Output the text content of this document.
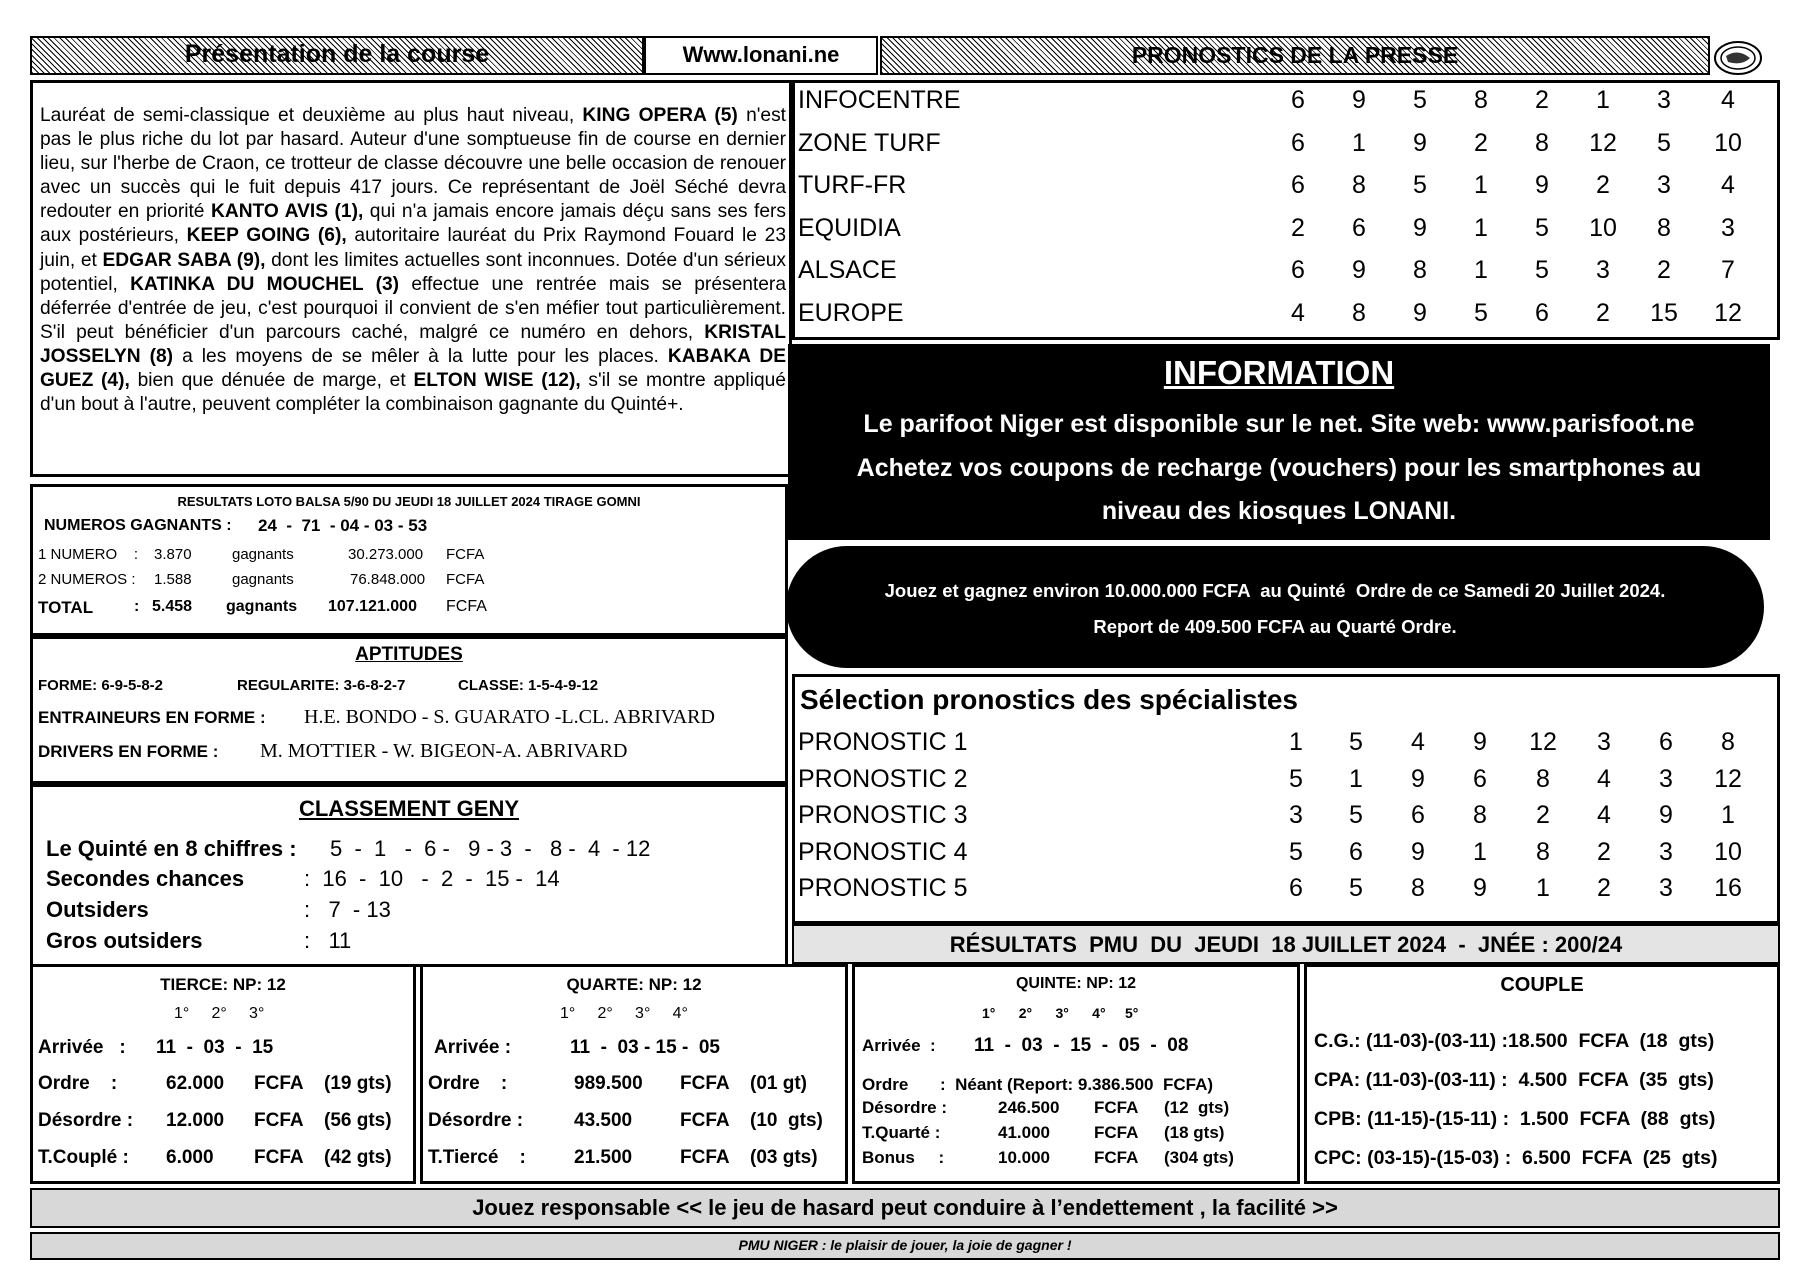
Présentation de la course	Www.lonani.ne	PRONOSTICS DE LA PRESSE
Lauréat de semi-classique et deuxième au plus haut niveau, KING OPERA (5) n'est pas le plus riche du lot par hasard. Auteur d'une somptueuse fin de course en dernier lieu, sur l'herbe de Craon, ce trotteur de classe découvre une belle occasion de renouer avec un succès qui le fuit depuis 417 jours. Ce représentant de Joël Séché devra redouter en priorité KANTO AVIS (1), qui n'a jamais encore jamais déçu sans ses fers aux postérieurs, KEEP GOING (6), autoritaire lauréat du Prix Raymond Fouard le 23 juin, et EDGAR SABA (9), dont les limites actuelles sont inconnues. Dotée d'un sérieux potentiel, KATINKA DU MOUCHEL (3) effectue une rentrée mais se présentera déferrée d'entrée de jeu, c'est pourquoi il convient de s'en méfier tout particulièrement. S'il peut bénéficier d'un parcours caché, malgré ce numéro en dehors, KRISTAL JOSSELYN (8) a les moyens de se mêler à la lutte pour les places. KABAKA DE GUEZ (4), bien que dénuée de marge, et ELTON WISE (12), s'il se montre appliqué d'un bout à l'autre, peuvent compléter la combinaison gagnante du Quinté+.
RESULTATS LOTO BALSA 5/90 DU JEUDI 18 JUILLET 2024 TIRAGE GOMNI
NUMEROS GAGNANTS : 24  -  71  - 04 - 03 - 53
1 NUMERO    : 3.870	gagnants	30.273.000 FCFA
2 NUMEROS : 1.588	gagnants	76.848.000 FCFA
TOTAL	: 5.458 gagnants 107.121.000 FCFA
APTITUDES
FORME: 6-9-5-8-2	REGULARITE: 3-6-8-2-7	CLASSE: 1-5-4-9-12
ENTRAINEURS EN FORME : H.E. BONDO - S. GUARATO -L.CL. ABRIVARD
DRIVERS EN FORME : M. MOTTIER - W. BIGEON-A. ABRIVARD
CLASSEMENT GENY
Le Quinté en 8 chiffres : 5  -  1   -  6 -   9 - 3  -   8 -  4  - 12
Secondes chances	:  16  -  10   -  2  -  15 -  14
Outsiders	:   7  - 13
Gros outsiders	:   11
INFOCENTRE	6	9	5	8	2	1	3	4
ZONE TURF	6	1	9	2	8	12	5	10
TURF-FR	6	8	5	1	9	2	3	4
EQUIDIA	2	6	9	1	5	10	8	3
ALSACE	6	9	8	1	5	3	2	7
EUROPE	4	8	9	5	6	2	15	12
INFORMATION
Le parifoot Niger est disponible sur le net. Site web: www.parisfoot.ne
Achetez vos coupons de recharge (vouchers) pour les smartphones au
niveau des kiosques LONANI.
Jouez et gagnez environ 10.000.000 FCFA  au Quinté  Ordre de ce Samedi 20 Juillet 2024.
Report de 409.500 FCFA au Quarté Ordre.
Sélection pronostics des spécialistes
PRONOSTIC 1	1	5	4	9	12	3	6	8
PRONOSTIC 2	5	1	9	6	8	4	3	12
PRONOSTIC 3	3	5	6	8	2	4	9	1
PRONOSTIC 4	5	6	9	1	8	2	3	10
PRONOSTIC 5	6	5	8	9	1	2	3	16
RÉSULTATS  PMU  DU  JEUDI  18 JUILLET 2024  -  JNÉE : 200/24
TIERCE: NP: 12
1°     2°     3°
Arrivée   : 11  -  03  -  15
Ordre    :	62.000 FCFA (19 gts)
Désordre : 12.000 FCFA (56 gts)
T.Couplé : 6.000 FCFA (42 gts)
QUARTE: NP: 12
1°     2°     3°     4°
Arrivée :	11  -  03 - 15 -  05
Ordre    :	989.500 FCFA (01 gt)
Désordre :	43.500	FCFA (10  gts)
T.Tiercé    :	21.500	FCFA (03 gts)
QUINTE: NP: 12
1°      2°      3°      4°     5°
Arrivée  : 11  -  03  -  15  -  05  -  08
Ordre :  Néant (Report: 9.386.500  FCFA)
Désordre :	246.500 FCFA (12  gts)
T.Quarté :	41.000	FCFA (18 gts)
Bonus     :	10.000	FCFA (304 gts)
COUPLE
C.G.: (11-03)-(03-11) :18.500  FCFA  (18  gts)
CPA: (11-03)-(03-11) :  4.500  FCFA  (35  gts)
CPB: (11-15)-(15-11) :  1.500  FCFA  (88  gts)
CPC: (03-15)-(15-03) :  6.500  FCFA  (25  gts)
Jouez responsable << le jeu de hasard peut conduire à l’endettement , la facilité >>
PMU NIGER : le plaisir de jouer, la joie de gagner !
